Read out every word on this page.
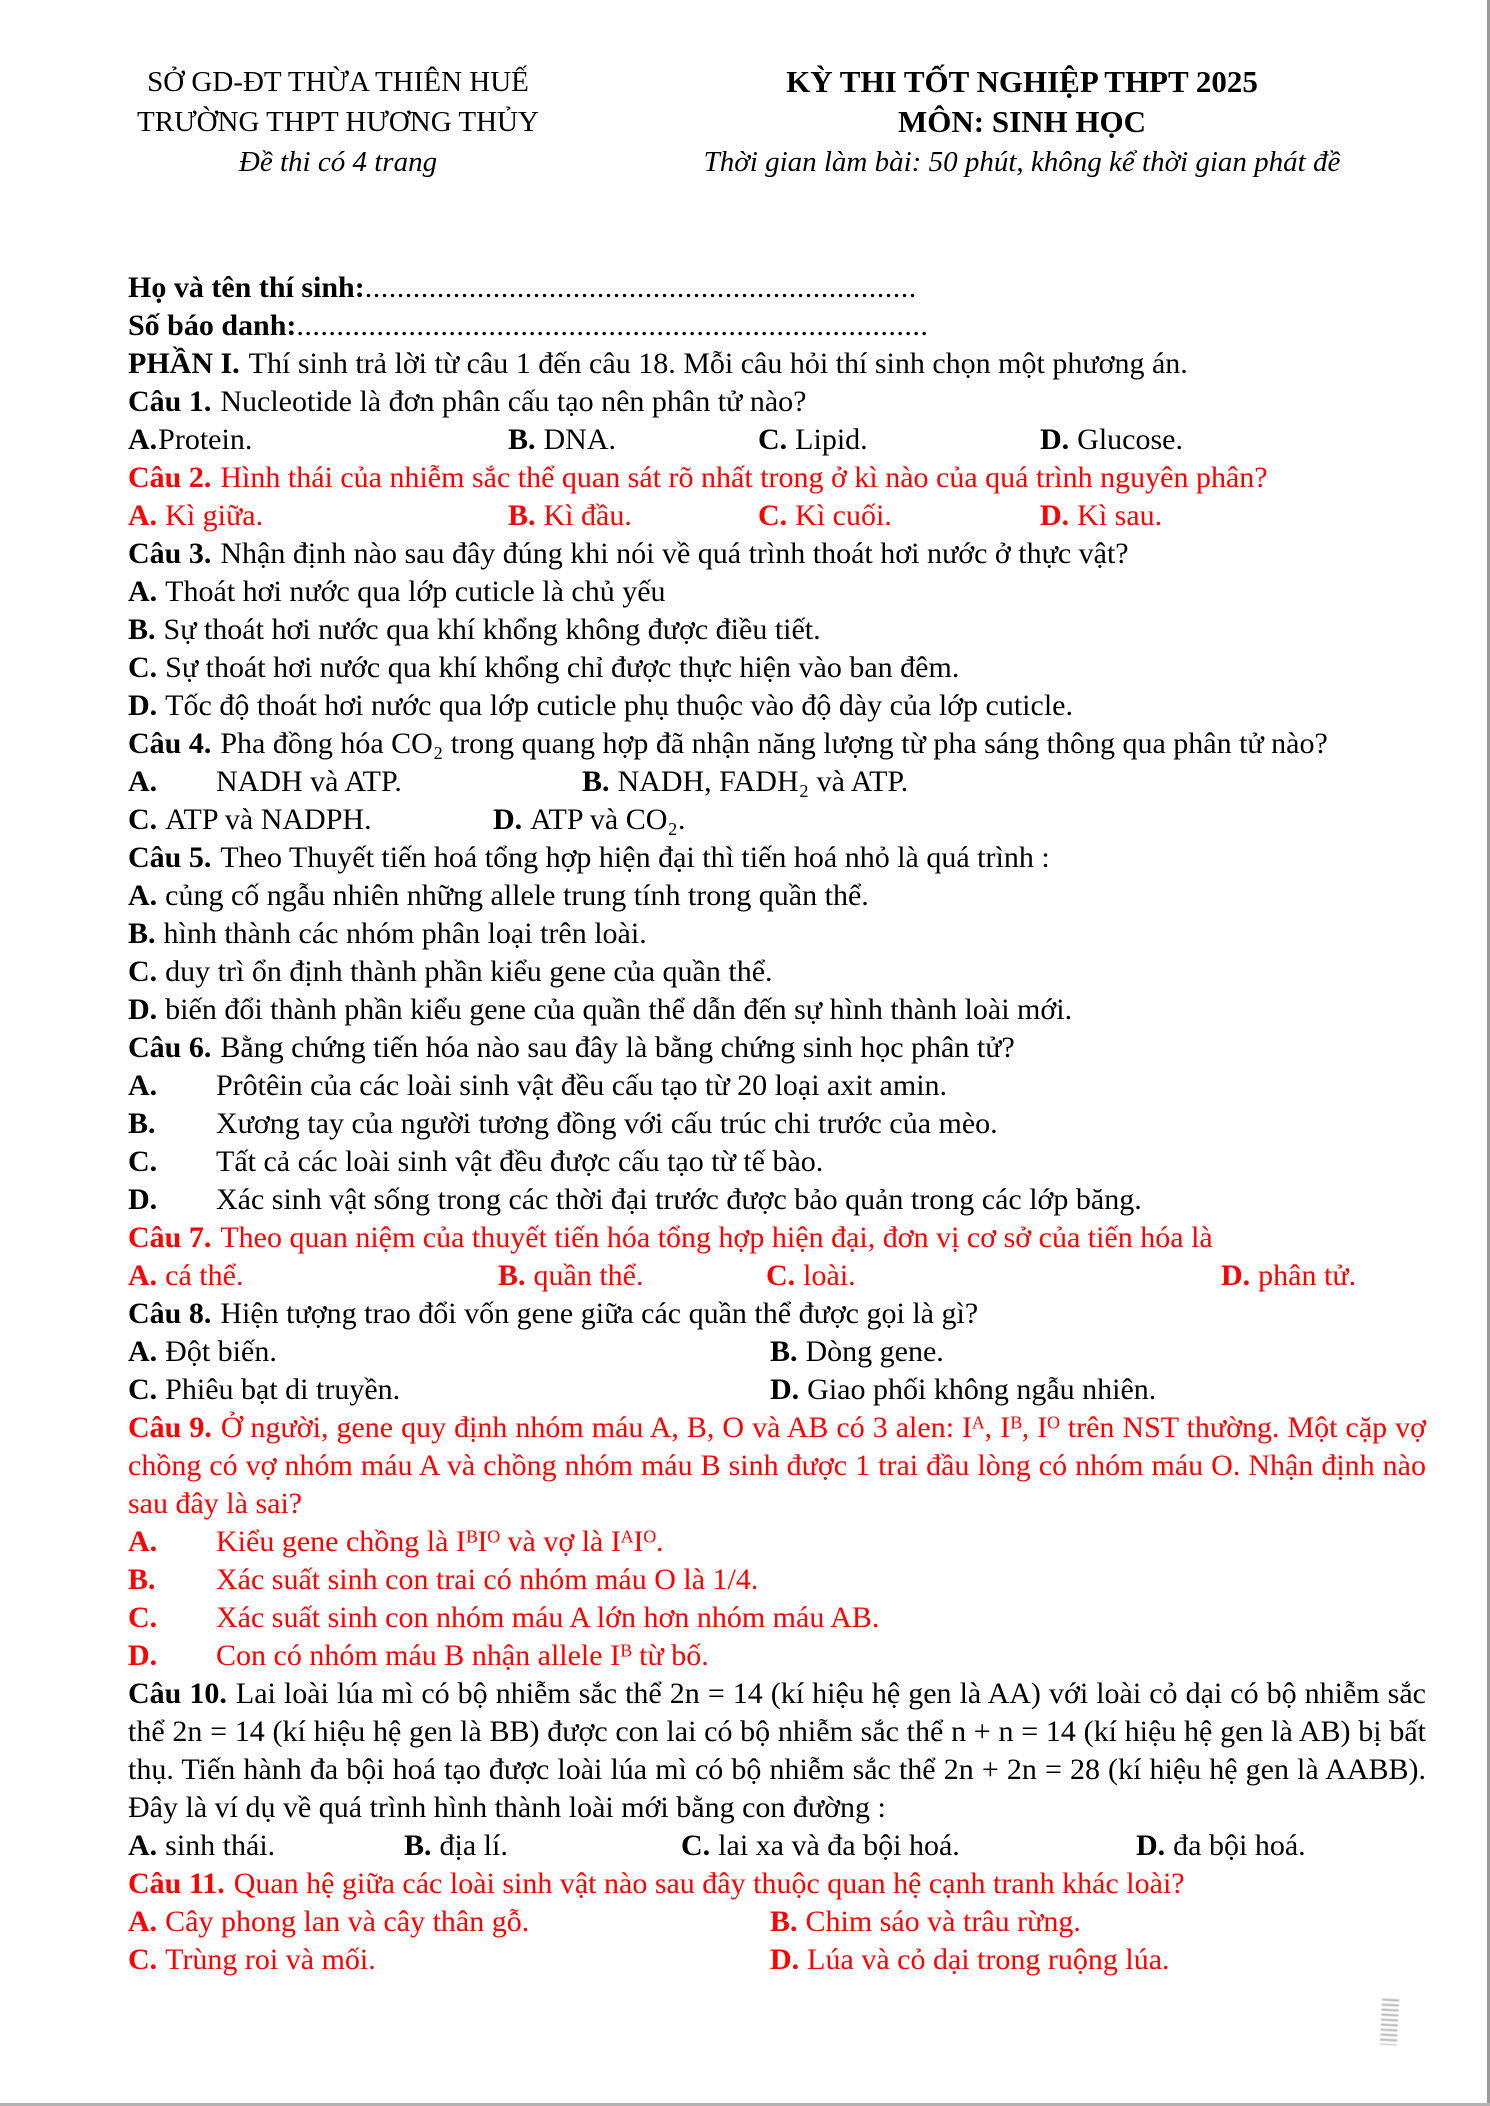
SỞ GD-ĐT THỪA THIÊN HUẾ
TRƯỜNG THPT HƯƠNG THỦY
Đề thi có 4 trang
KỲ THI TỐT NGHIỆP THPT 2025
MÔN: SINH HỌC
Thời gian làm bài: 50 phút, không kể thời gian phát đề
Họ và tên thí sinh:.....................................................................
Số báo danh:...............................................................................
PHẦN I. Thí sinh trả lời từ câu 1 đến câu 18. Mỗi câu hỏi thí sinh chọn một phương án.
Câu 1. Nucleotide là đơn phân cấu tạo nên phân tử nào?
A.Protein.	B. DNA.	C. Lipid.	D. Glucose.
Câu 2. Hình thái của nhiễm sắc thể quan sát rõ nhất trong ở kì nào của quá trình nguyên phân?
A. Kì giữa.	B. Kì đầu.	C. Kì cuối.	D. Kì sau.
Câu 3. Nhận định nào sau đây đúng khi nói về quá trình thoát hơi nước ở thực vật?
A. Thoát hơi nước qua lớp cuticle là chủ yếu
B. Sự thoát hơi nước qua khí khổng không được điều tiết.
C. Sự thoát hơi nước qua khí khổng chỉ được thực hiện vào ban đêm.
D. Tốc độ thoát hơi nước qua lớp cuticle phụ thuộc vào độ dày của lớp cuticle.
Câu 4. Pha đồng hóa CO₂ trong quang hợp đã nhận năng lượng từ pha sáng thông qua phân tử nào?
A. NADH và ATP.	B. NADH, FADH₂ và ATP.
C. ATP và NADPH.	D. ATP và CO₂.
Câu 5. Theo Thuyết tiến hoá tổng hợp hiện đại thì tiến hoá nhỏ là quá trình :
A. củng cố ngẫu nhiên những allele trung tính trong quần thể.
B. hình thành các nhóm phân loại trên loài.
C. duy trì ổn định thành phần kiểu gene của quần thể.
D. biến đổi thành phần kiểu gene của quần thể dẫn đến sự hình thành loài mới.
Câu 6. Bằng chứng tiến hóa nào sau đây là bằng chứng sinh học phân tử?
A. Prôtêin của các loài sinh vật đều cấu tạo từ 20 loại axit amin.
B. Xương tay của người tương đồng với cấu trúc chi trước của mèo.
C. Tất cả các loài sinh vật đều được cấu tạo từ tế bào.
D. Xác sinh vật sống trong các thời đại trước được bảo quản trong các lớp băng.
Câu 7. Theo quan niệm của thuyết tiến hóa tổng hợp hiện đại, đơn vị cơ sở của tiến hóa là
A. cá thể.	B. quần thể.	C. loài.	D. phân tử.
Câu 8. Hiện tượng trao đổi vốn gene giữa các quần thể được gọi là gì?
A. Đột biến.	B. Dòng gene.
C. Phiêu bạt di truyền.	D. Giao phối không ngẫu nhiên.
Câu 9. Ở người, gene quy định nhóm máu A, B, O và AB có 3 alen: Iᴬ, Iᴮ, Iᴼ trên NST thường. Một cặp vợ chồng có vợ nhóm máu A và chồng nhóm máu B sinh được 1 trai đầu lòng có nhóm máu O. Nhận định nào sau đây là sai?
A. Kiểu gene chồng là IᴮIᴼ và vợ là IᴬIᴼ.
B. Xác suất sinh con trai có nhóm máu O là 1/4.
C. Xác suất sinh con nhóm máu A lớn hơn nhóm máu AB.
D. Con có nhóm máu B nhận allele Iᴮ từ bố.
Câu 10. Lai loài lúa mì có bộ nhiễm sắc thể 2n = 14 (kí hiệu hệ gen là AA) với loài cỏ dại có bộ nhiễm sắc thể 2n = 14 (kí hiệu hệ gen là BB) được con lai có bộ nhiễm sắc thể n + n = 14 (kí hiệu hệ gen là AB) bị bất thụ. Tiến hành đa bội hoá tạo được loài lúa mì có bộ nhiễm sắc thể 2n + 2n = 28 (kí hiệu hệ gen là AABB). Đây là ví dụ về quá trình hình thành loài mới bằng con đường :
A. sinh thái.	B. địa lí.	C. lai xa và đa bội hoá.	D. đa bội hoá.
Câu 11. Quan hệ giữa các loài sinh vật nào sau đây thuộc quan hệ cạnh tranh khác loài?
A. Cây phong lan và cây thân gỗ.	B. Chim sáo và trâu rừng.
C. Trùng roi và mối.	D. Lúa và cỏ dại trong ruộng lúa.
